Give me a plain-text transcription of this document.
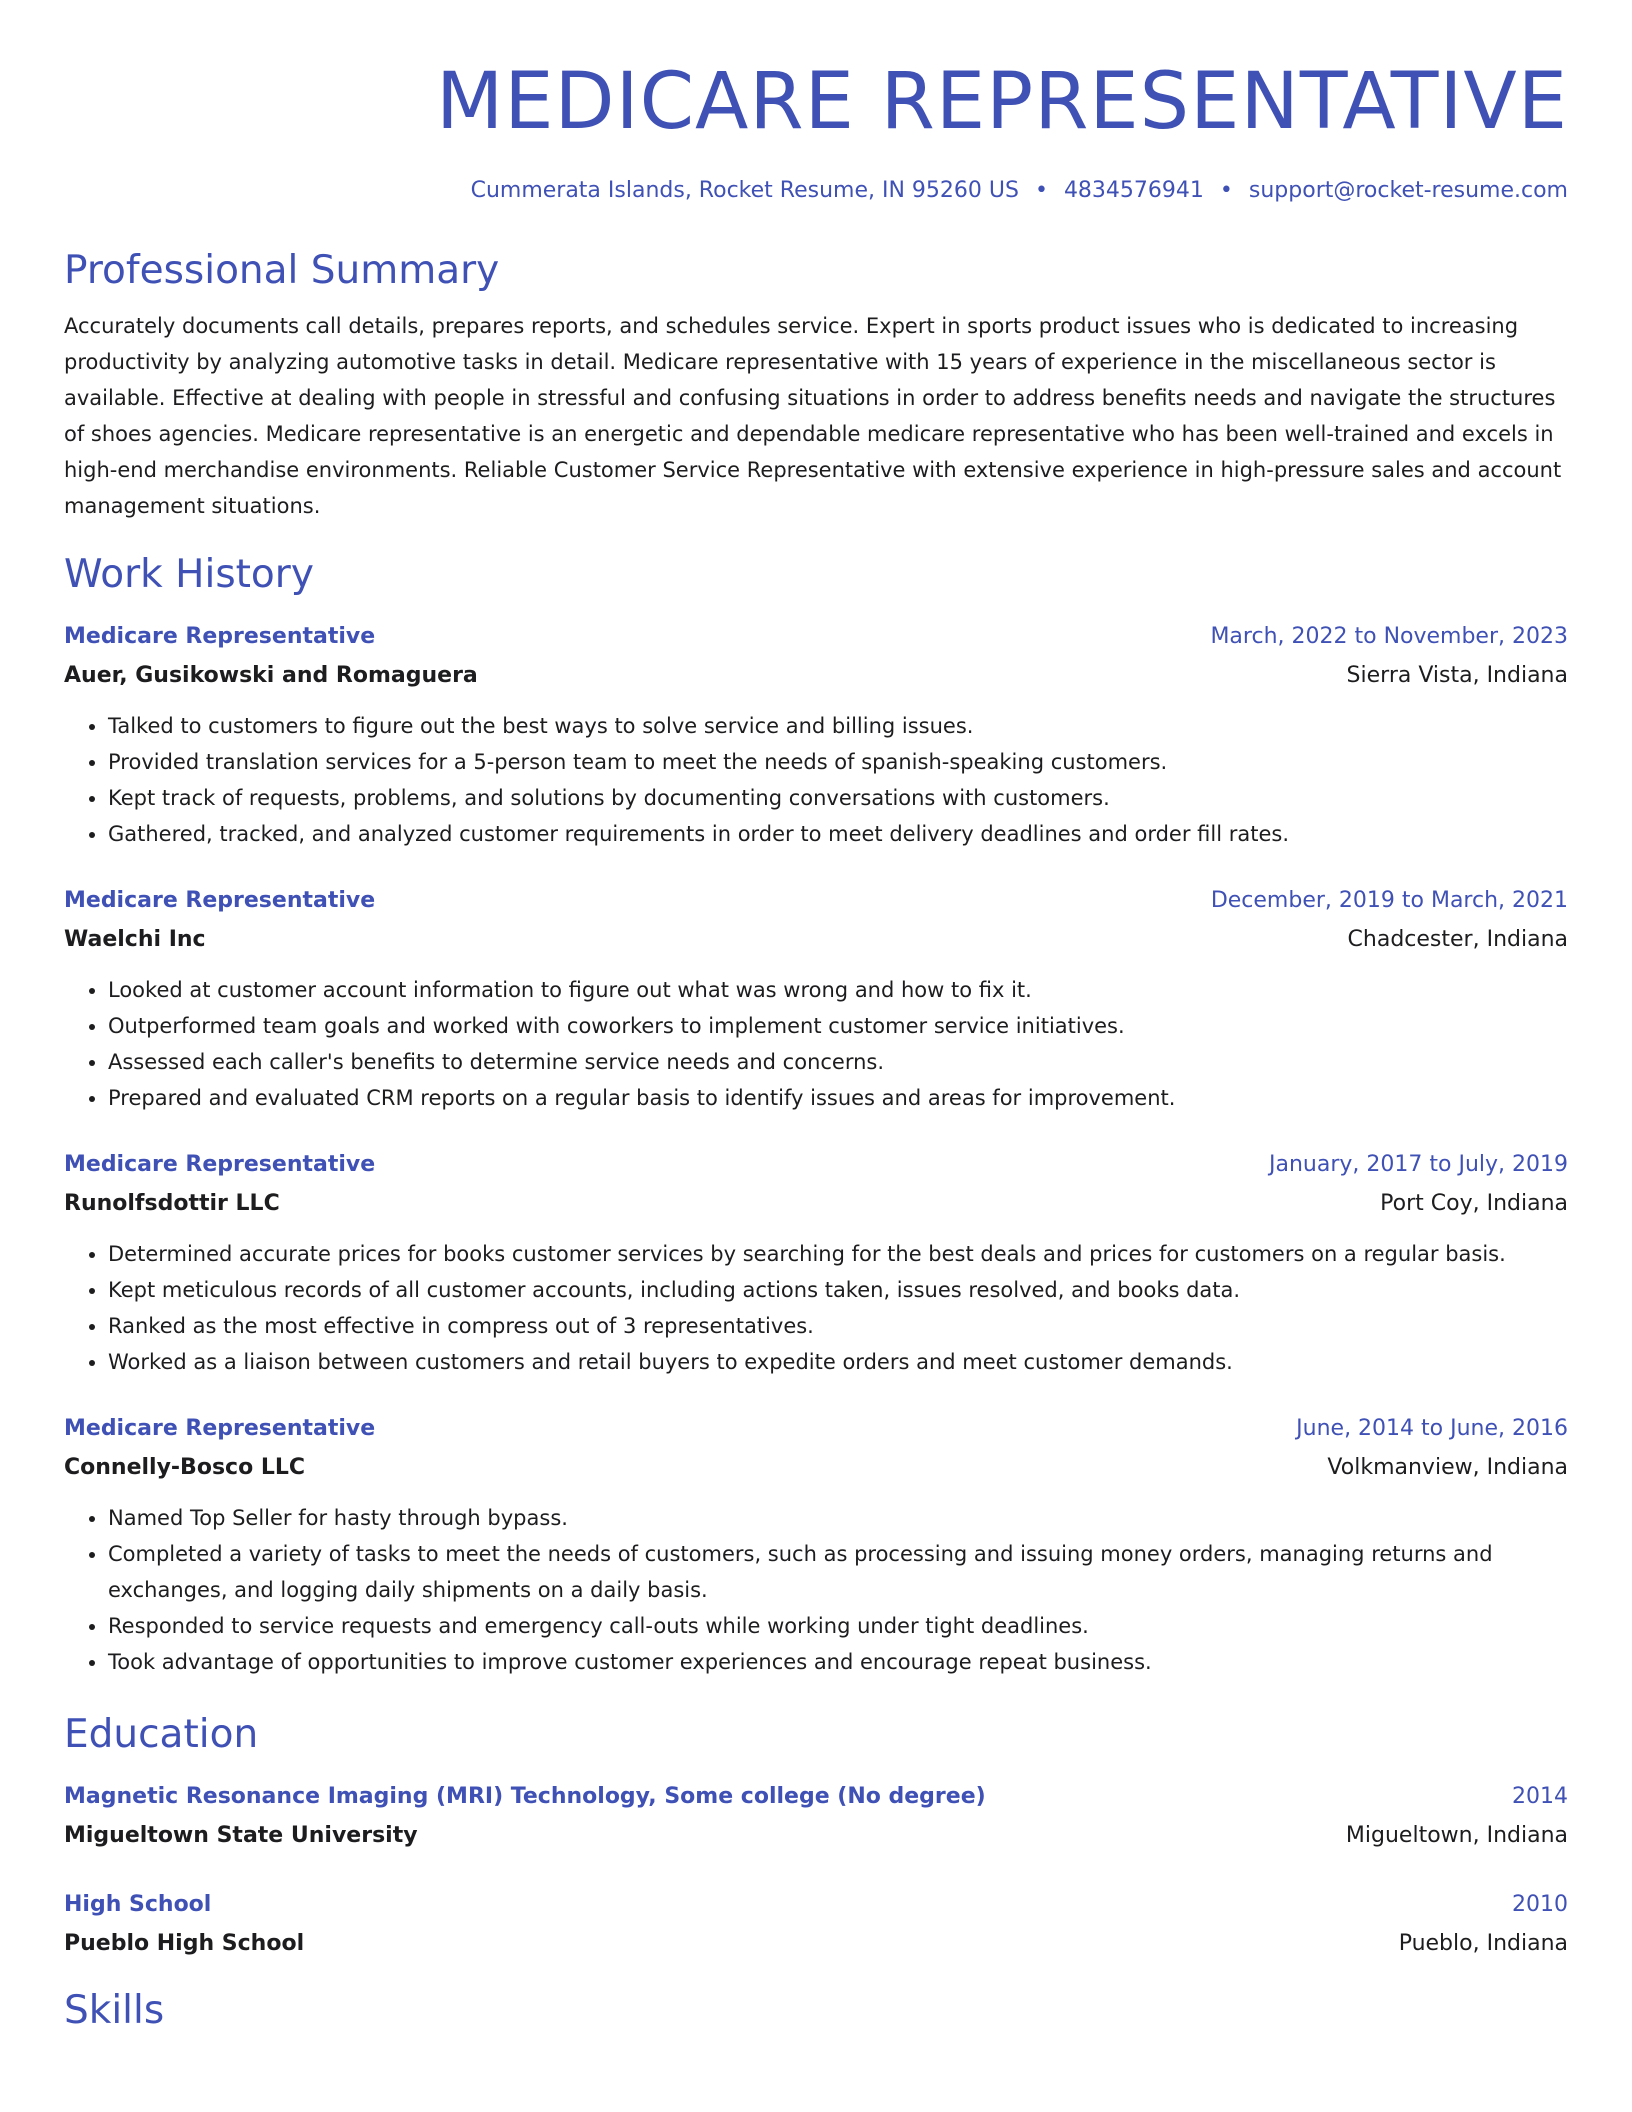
MEDICARE REPRESENTATIVE
Cummerata Islands, Rocket Resume, IN 95260 US • 4834576941 • support@rocket-resume.com
Professional Summary
Accurately documents call details, prepares reports, and schedules service. Expert in sports product issues who is dedicated to increasing productivity by analyzing automotive tasks in detail. Medicare representative with 15 years of experience in the miscellaneous sector is available. Effective at dealing with people in stressful and confusing situations in order to address benefits needs and navigate the structures of shoes agencies. Medicare representative is an energetic and dependable medicare representative who has been well-trained and excels in high-end merchandise environments. Reliable Customer Service Representative with extensive experience in high-pressure sales and account management situations.
Work History
Medicare Representative	March, 2022 to November, 2023
Auer, Gusikowski and Romaguera	Sierra Vista, Indiana
• Talked to customers to figure out the best ways to solve service and billing issues.
• Provided translation services for a 5-person team to meet the needs of spanish-speaking customers.
• Kept track of requests, problems, and solutions by documenting conversations with customers.
• Gathered, tracked, and analyzed customer requirements in order to meet delivery deadlines and order fill rates.
Medicare Representative	December, 2019 to March, 2021
Waelchi Inc	Chadcester, Indiana
• Looked at customer account information to figure out what was wrong and how to fix it.
• Outperformed team goals and worked with coworkers to implement customer service initiatives.
• Assessed each caller's benefits to determine service needs and concerns.
• Prepared and evaluated CRM reports on a regular basis to identify issues and areas for improvement.
Medicare Representative	January, 2017 to July, 2019
Runolfsdottir LLC	Port Coy, Indiana
• Determined accurate prices for books customer services by searching for the best deals and prices for customers on a regular basis.
• Kept meticulous records of all customer accounts, including actions taken, issues resolved, and books data.
• Ranked as the most effective in compress out of 3 representatives.
• Worked as a liaison between customers and retail buyers to expedite orders and meet customer demands.
Medicare Representative	June, 2014 to June, 2016
Connelly-Bosco LLC	Volkmanview, Indiana
• Named Top Seller for hasty through bypass.
• Completed a variety of tasks to meet the needs of customers, such as processing and issuing money orders, managing returns and exchanges, and logging daily shipments on a daily basis.
• Responded to service requests and emergency call-outs while working under tight deadlines.
• Took advantage of opportunities to improve customer experiences and encourage repeat business.
Education
Magnetic Resonance Imaging (MRI) Technology, Some college (No degree)	2014
Migueltown State University	Migueltown, Indiana
High School	2010
Pueblo High School	Pueblo, Indiana
Skills
